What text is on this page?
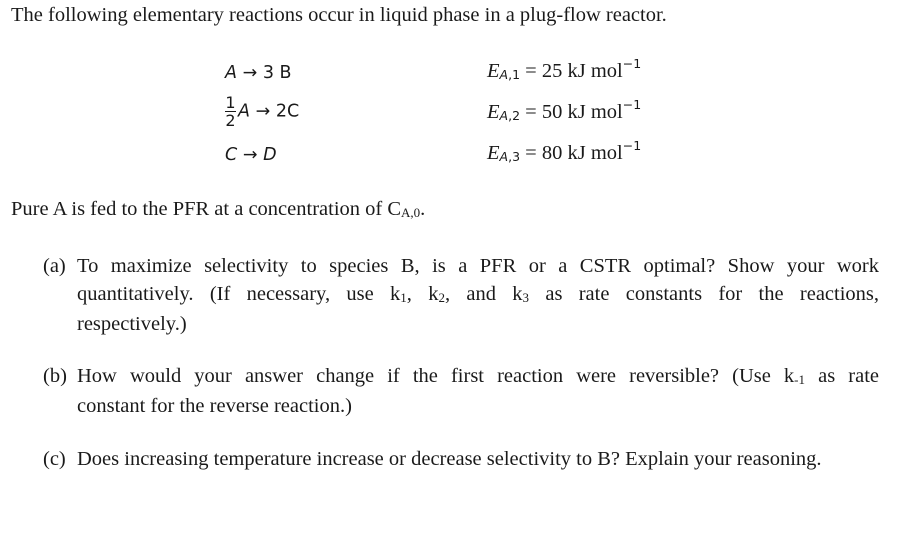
The following elementary reactions occur in liquid phase in a plug-flow reactor.
A → 3 B	$E_{A,1} = 25$ kJ mol$^{-1}$
$\frac{1}{2}$ A → 2C	$E_{A,2} = 50$ kJ mol$^{-1}$
C → D	$E_{A,3} = 80$ kJ mol$^{-1}$
Pure A is fed to the PFR at a concentration of $C_{A,0}$.
(a) To maximize selectivity to species B, is a PFR or a CSTR optimal? Show your work
quantitatively. (If necessary, use $k_1$, $k_2$, and $k_3$ as rate constants for the reactions,
respectively.)
(b) How would your answer change if the first reaction were reversible? (Use $k_{-1}$ as rate
constant for the reverse reaction.)
(c) Does increasing temperature increase or decrease selectivity to B? Explain your reasoning.
